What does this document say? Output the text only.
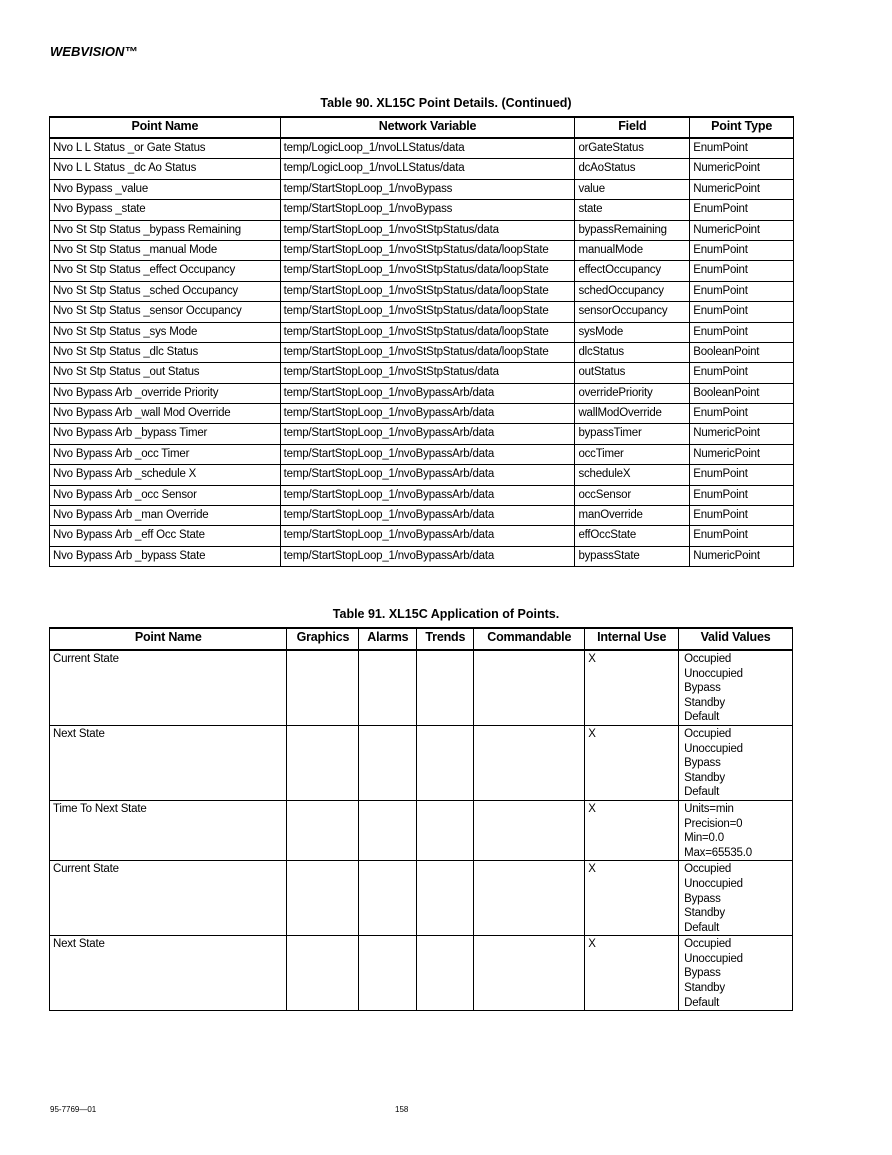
WEBVISION™
Table 90. XL15C Point Details. (Continued)
Point Name	Network Variable	Field	Point Type
Nvo L L Status _or Gate Status	temp/LogicLoop_1/nvoLLStatus/data	orGateStatus	EnumPoint
Nvo L L Status _dc Ao Status	temp/LogicLoop_1/nvoLLStatus/data	dcAoStatus	NumericPoint
Nvo Bypass _value	temp/StartStopLoop_1/nvoBypass	value	NumericPoint
Nvo Bypass _state	temp/StartStopLoop_1/nvoBypass	state	EnumPoint
Nvo St Stp Status _bypass Remaining	temp/StartStopLoop_1/nvoStStpStatus/data	bypassRemaining	NumericPoint
Nvo St Stp Status _manual Mode	temp/StartStopLoop_1/nvoStStpStatus/data/loopState	manualMode	EnumPoint
Nvo St Stp Status _effect Occupancy	temp/StartStopLoop_1/nvoStStpStatus/data/loopState	effectOccupancy	EnumPoint
Nvo St Stp Status _sched Occupancy	temp/StartStopLoop_1/nvoStStpStatus/data/loopState	schedOccupancy	EnumPoint
Nvo St Stp Status _sensor Occupancy	temp/StartStopLoop_1/nvoStStpStatus/data/loopState	sensorOccupancy	EnumPoint
Nvo St Stp Status _sys Mode	temp/StartStopLoop_1/nvoStStpStatus/data/loopState	sysMode	EnumPoint
Nvo St Stp Status _dlc Status	temp/StartStopLoop_1/nvoStStpStatus/data/loopState	dlcStatus	BooleanPoint
Nvo St Stp Status _out Status	temp/StartStopLoop_1/nvoStStpStatus/data	outStatus	EnumPoint
Nvo Bypass Arb _override Priority	temp/StartStopLoop_1/nvoBypassArb/data	overridePriority	BooleanPoint
Nvo Bypass Arb _wall Mod Override	temp/StartStopLoop_1/nvoBypassArb/data	wallModOverride	EnumPoint
Nvo Bypass Arb _bypass Timer	temp/StartStopLoop_1/nvoBypassArb/data	bypassTimer	NumericPoint
Nvo Bypass Arb _occ Timer	temp/StartStopLoop_1/nvoBypassArb/data	occTimer	NumericPoint
Nvo Bypass Arb _schedule X	temp/StartStopLoop_1/nvoBypassArb/data	scheduleX	EnumPoint
Nvo Bypass Arb _occ Sensor	temp/StartStopLoop_1/nvoBypassArb/data	occSensor	EnumPoint
Nvo Bypass Arb _man Override	temp/StartStopLoop_1/nvoBypassArb/data	manOverride	EnumPoint
Nvo Bypass Arb _eff Occ State	temp/StartStopLoop_1/nvoBypassArb/data	effOccState	EnumPoint
Nvo Bypass Arb _bypass State	temp/StartStopLoop_1/nvoBypassArb/data	bypassState	NumericPoint
Table 91. XL15C Application of Points.
Point Name	Graphics	Alarms	Trends	Commandable	Internal Use	Valid Values
Current State					X	Occupied
Unoccupied
Bypass
Standby
Default

Next State					X	Occupied
Unoccupied
Bypass
Standby
Default

Time To Next State					X	Units=min
Precision=0
Min=0.0
Max=65535.0

Current State					X	Occupied
Unoccupied
Bypass
Standby
Default

Next State					X	Occupied
Unoccupied
Bypass
Standby
Default
95-7769—01	158
